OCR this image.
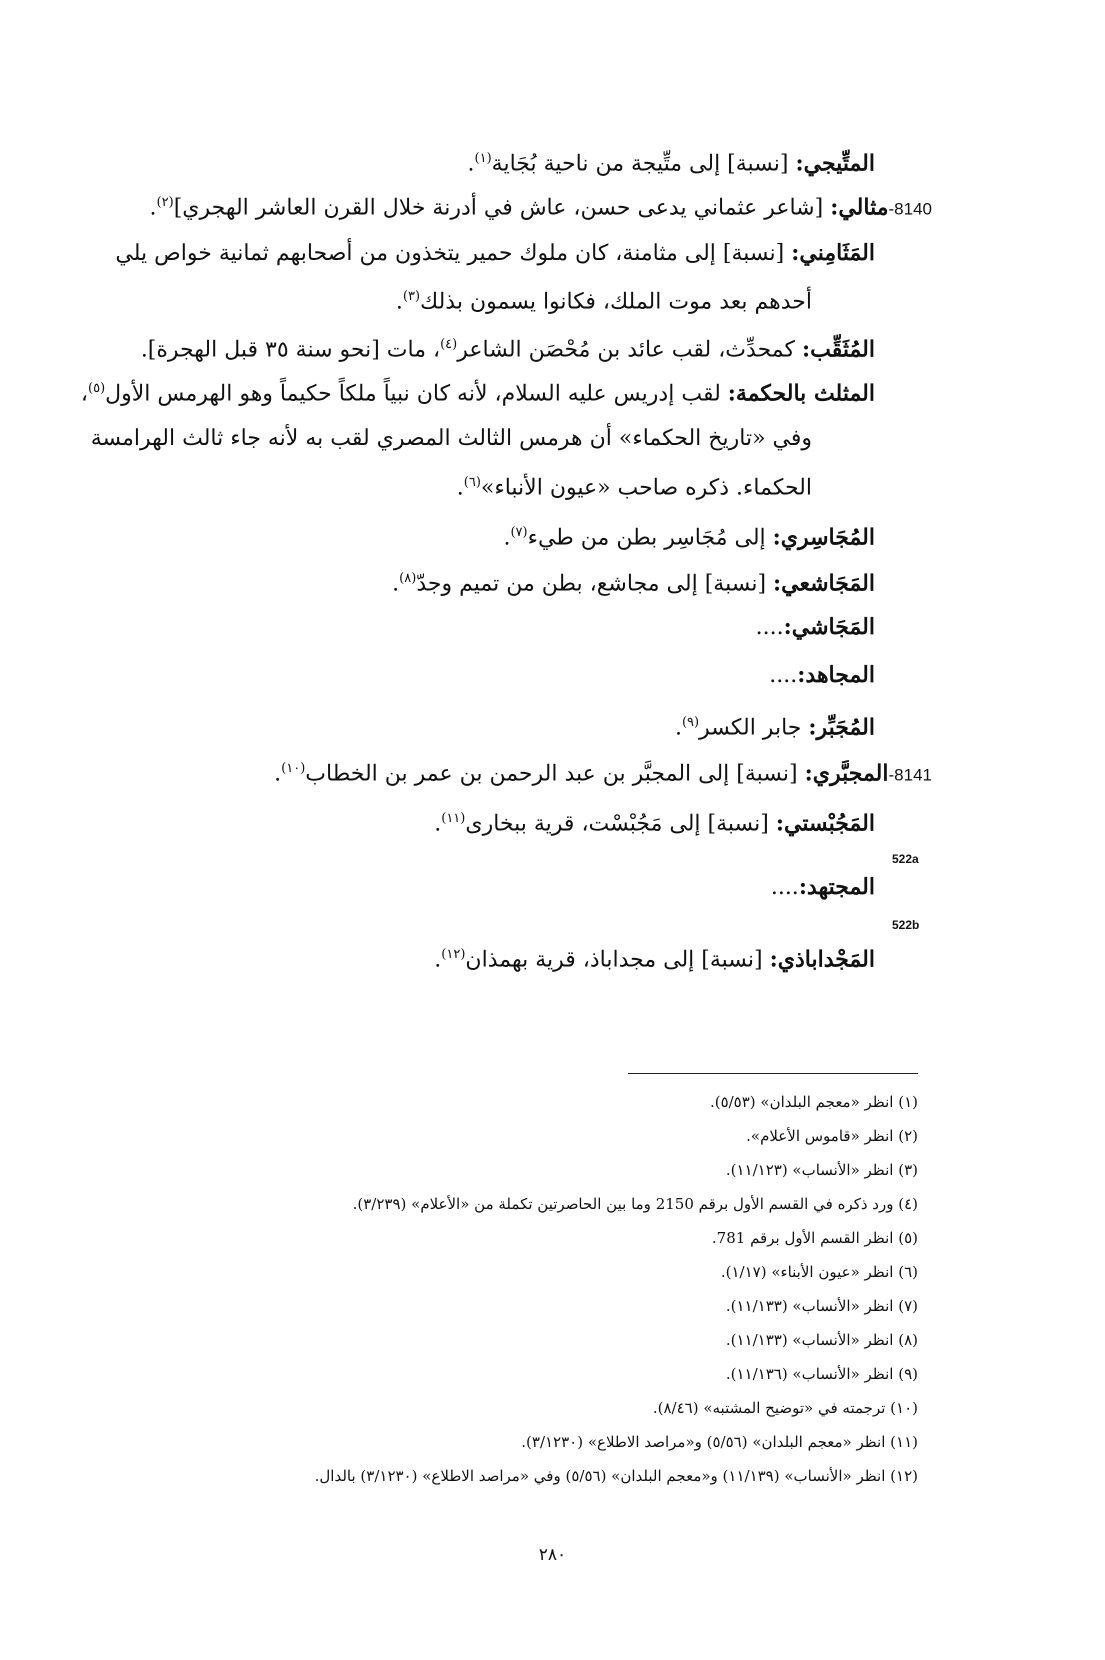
المتِّيجي: [نسبة] إلى متِّيجة من ناحية بُجَاية$^{(١)}$.
8140-مثالي: [شاعر عثماني يدعى حسن، عاش في أدرنة خلال القرن العاشر الهجري]$^{(٢)}$.
المَثَامِني: [نسبة] إلى مثامنة، كان ملوك حمير يتخذون من أصحابهم ثمانية خواص يلي
أحدهم بعد موت الملك، فكانوا يسمون بذلك$^{(٣)}$.
المُثَقِّب: كمحدِّث، لقب عائد بن مُحْصَن الشاعر$^{(٤)}$، مات [نحو سنة ٣٥ قبل الهجرة].
المثلث بالحكمة: لقب إدريس عليه السلام، لأنه كان نبياً ملكاً حكيماً وهو الهرمس الأول$^{(٥)}$،
وفي «تاريخ الحكماء» أن هرمس الثالث المصري لقب به لأنه جاء ثالث الهرامسة
الحكماء. ذكره صاحب «عيون الأنباء»$^{(٦)}$.
المُجَاسِري: إلى مُجَاسِر بطن من طيء$^{(٧)}$.
المَجَاشعي: [نسبة] إلى مجاشع، بطن من تميم وجدّ$^{(٨)}$.
المَجَاشي:....
المجاهد:....
المُجَبِّر: جابر الكسر$^{(٩)}$.
8141-المجبَّري: [نسبة] إلى المجبَّر بن عبد الرحمن بن عمر بن الخطاب$^{(١٠)}$.
المَجُبْستي: [نسبة] إلى مَجُبْسْت، قرية ببخارى$^{(١١)}$.
522a
المجتهد:....
522b
المَجْداباذي: [نسبة] إلى مجداباذ، قرية بهمذان$^{(١٢)}$.
(١) انظر «معجم البلدان» (٥/٥٣).
(٢) انظر «قاموس الأعلام».
(٣) انظر «الأنساب» (١١/١٢٣).
(٤) ورد ذكره في القسم الأول برقم 2150 وما بين الحاصرتين تكملة من «الأعلام» (٣/٢٣٩).
(٥) انظر القسم الأول برقم 781.
(٦) انظر «عيون الأبناء» (١/١٧).
(٧) انظر «الأنساب» (١١/١٣٣).
(٨) انظر «الأنساب» (١١/١٣٣).
(٩) انظر «الأنساب» (١١/١٣٦).
(١٠) ترجمته في «توضيح المشتبه» (٨/٤٦).
(١١) انظر «معجم البلدان» (٥/٥٦) و«مراصد الاطلاع» (٣/١٢٣٠).
(١٢) انظر «الأنساب» (١١/١٣٩) و«معجم البلدان» (٥/٥٦) وفي «مراصد الاطلاع» (٣/١٢٣٠) بالدال.
٢٨٠
